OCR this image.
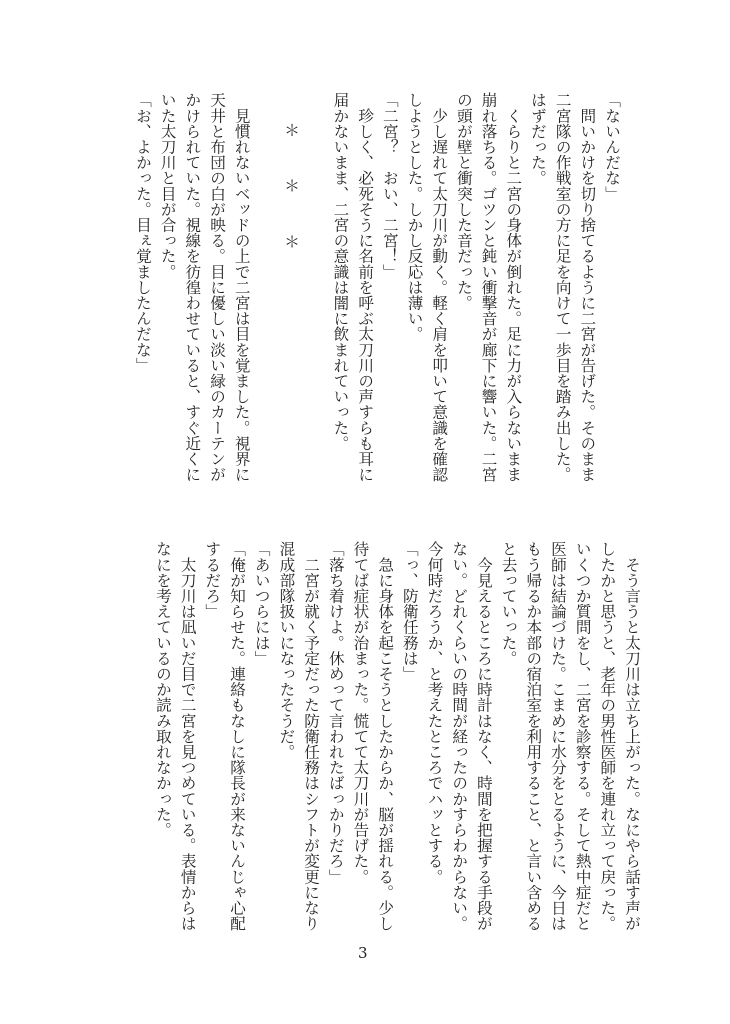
「ないんだな」
　問いかけを切り捨てるように二宮が告げた。そのまま
二宮隊の作戦室の方に足を向けて一歩目を踏み出した。
はずだった。
　くらりと二宮の身体が倒れた。足に力が入らないまま
崩れ落ちる。ゴツンと鈍い衝撃音が廊下に響いた。二宮
の頭が壁と衝突した音だった。
　少し遅れて太刀川が動く。軽く肩を叩いて意識を確認
しようとした。しかし反応は薄い。
「二宮？　おい、二宮！」
　珍しく、必死そうに名前を呼ぶ太刀川の声すらも耳に
届かないまま、二宮の意識は闇に飲まれていった。
＊＊＊
　見慣れないベッドの上で二宮は目を覚ました。視界に
天井と布団の白が映る。目に優しい淡い緑のカーテンが
かけられていた。視線を彷徨わせていると、すぐ近くに
いた太刀川と目が合った。
「お、よかった。目ぇ覚ましたんだな」
　そう言うと太刀川は立ち上がった。なにやら話す声が
したかと思うと、老年の男性医師を連れ立って戻った。
いくつか質問をし、二宮を診察する。そして熱中症だと
医師は結論づけた。こまめに水分をとるように、今日は
もう帰るか本部の宿泊室を利用すること、と言い含める
と去っていった。
　今見えるところに時計はなく、時間を把握する手段が
ない。どれくらいの時間が経ったのかすらわからない。
今何時だろうか、と考えたところでハッとする。
「っ、防衛任務は」
　急に身体を起こそうとしたからか、脳が揺れる。少し
待てば症状が治まった。慌てて太刀川が告げた。
「落ち着けよ。休めって言われたばっかりだろ」
　二宮が就く予定だった防衛任務はシフトが変更になり
混成部隊扱いになったそうだ。
「あいつらには」
「俺が知らせた。連絡もなしに隊長が来ないんじゃ心配
するだろ」
　太刀川は凪いだ目で二宮を見つめている。表情からは
なにを考えているのか読み取れなかった。
3
